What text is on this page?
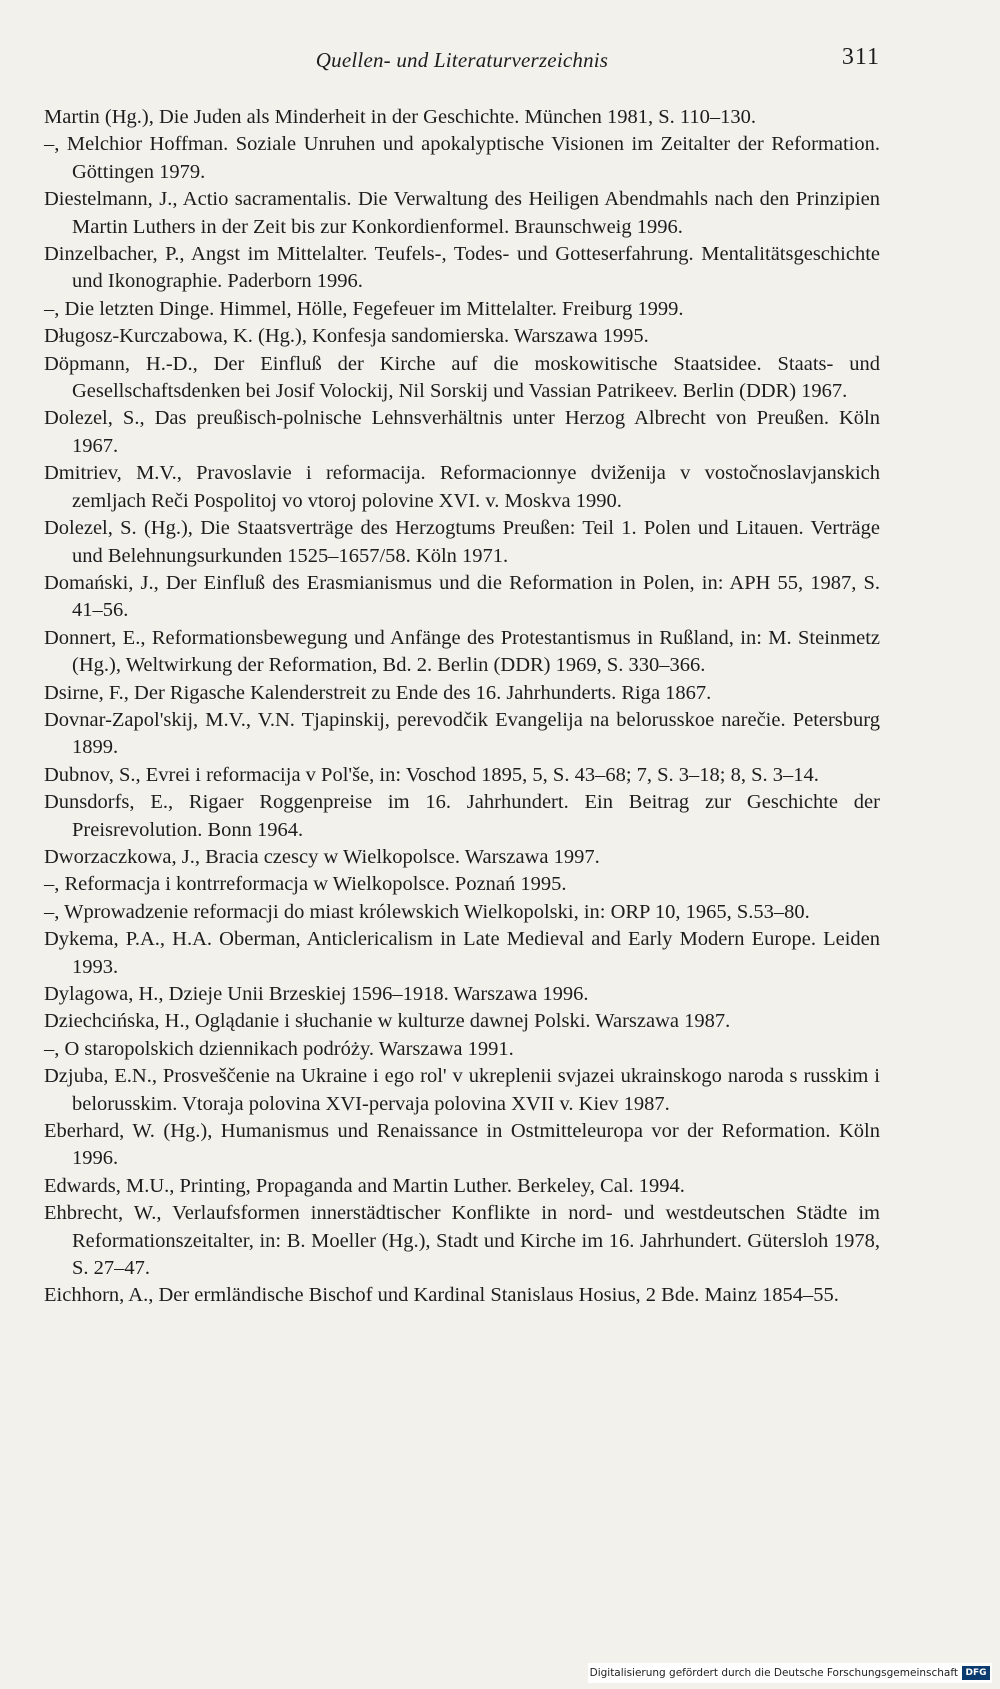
Quellen- und Literaturverzeichnis	311

Martin (Hg.), Die Juden als Minderheit in der Geschichte. München 1981, S. 110–130.

–, Melchior Hoffman. Soziale Unruhen und apokalyptische Visionen im Zeitalter der Reformation. Göttingen 1979.

Diestelmann, J., Actio sacramentalis. Die Verwaltung des Heiligen Abendmahls nach den Prinzipien Martin Luthers in der Zeit bis zur Konkordienformel. Braunschweig 1996.

Dinzelbacher, P., Angst im Mittelalter. Teufels-, Todes- und Gotteserfahrung. Mentalitätsgeschichte und Ikonographie. Paderborn 1996.

–, Die letzten Dinge. Himmel, Hölle, Fegefeuer im Mittelalter. Freiburg 1999.

Długosz-Kurczabowa, K. (Hg.), Konfesja sandomierska. Warszawa 1995.

Döpmann, H.-D., Der Einfluß der Kirche auf die moskowitische Staatsidee. Staats- und Gesellschaftsdenken bei Josif Volockij, Nil Sorskij und Vassian Patrikeev. Berlin (DDR) 1967.

Dolezel, S., Das preußisch-polnische Lehnsverhältnis unter Herzog Albrecht von Preußen. Köln 1967.

Dmitriev, M.V., Pravoslavie i reformacija. Reformacionnye dviženija v vostočnoslavjanskich zemljach Reči Pospolitoj vo vtoroj polovine XVI. v. Moskva 1990.

Dolezel, S. (Hg.), Die Staatsverträge des Herzogtums Preußen: Teil 1. Polen und Litauen. Verträge und Belehnungsurkunden 1525–1657/58. Köln 1971.

Domański, J., Der Einfluß des Erasmianismus und die Reformation in Polen, in: APH 55, 1987, S. 41–56.

Donnert, E., Reformationsbewegung und Anfänge des Protestantismus in Rußland, in: M. Steinmetz (Hg.), Weltwirkung der Reformation, Bd. 2. Berlin (DDR) 1969, S. 330–366.

Dsirne, F., Der Rigasche Kalenderstreit zu Ende des 16. Jahrhunderts. Riga 1867.

Dovnar-Zapol'skij, M.V., V.N. Tjapinskij, perevodčik Evangelija na belorusskoe narečie. Petersburg 1899.

Dubnov, S., Evrei i reformacija v Pol'še, in: Voschod 1895, 5, S. 43–68; 7, S. 3–18; 8, S. 3–14.

Dunsdorfs, E., Rigaer Roggenpreise im 16. Jahrhundert. Ein Beitrag zur Geschichte der Preisrevolution. Bonn 1964.

Dworzaczkowa, J., Bracia czescy w Wielkopolsce. Warszawa 1997.

–, Reformacja i kontrreformacja w Wielkopolsce. Poznań 1995.

–, Wprowadzenie reformacji do miast królewskich Wielkopolski, in: ORP 10, 1965, S.53–80.

Dykema, P.A., H.A. Oberman, Anticlericalism in Late Medieval and Early Modern Europe. Leiden 1993.

Dylagowa, H., Dzieje Unii Brzeskiej 1596–1918. Warszawa 1996.

Dziechcińska, H., Oglądanie i słuchanie w kulturze dawnej Polski. Warszawa 1987.

–, O staropolskich dziennikach podróży. Warszawa 1991.

Dzjuba, E.N., Prosveščenie na Ukraine i ego rol' v ukreplenii svjazei ukrainskogo naroda s russkim i belorusskim. Vtoraja polovina XVI-pervaja polovina XVII v. Kiev 1987.

Eberhard, W. (Hg.), Humanismus und Renaissance in Ostmitteleuropa vor der Reformation. Köln 1996.

Edwards, M.U., Printing, Propaganda and Martin Luther. Berkeley, Cal. 1994.

Ehbrecht, W., Verlaufsformen innerstädtischer Konflikte in nord- und westdeutschen Städte im Reformationszeitalter, in: B. Moeller (Hg.), Stadt und Kirche im 16. Jahrhundert. Gütersloh 1978, S. 27–47.

Eichhorn, A., Der ermländische Bischof und Kardinal Stanislaus Hosius, 2 Bde. Mainz 1854–55.

Digitalisierung gefördert durch die Deutsche Forschungsgemeinschaft DFG
